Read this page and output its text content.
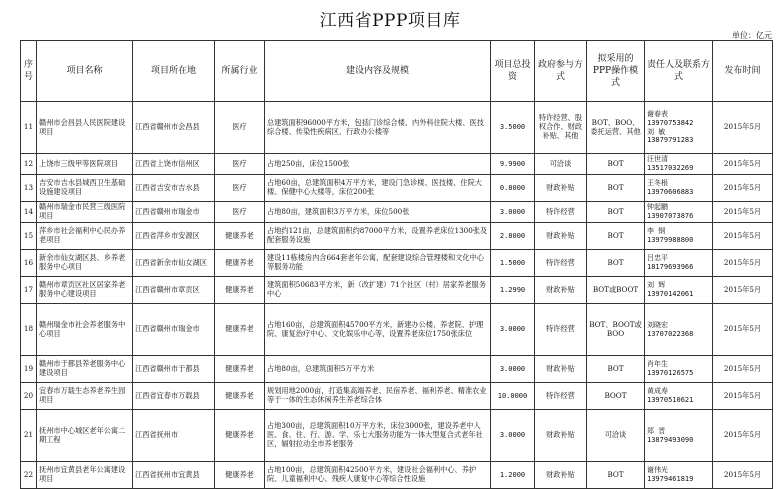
江西省PPP项目库
单位：亿元
序号	项目名称	项目所在地	所属行业	建设内容及规模	项目总投资	政府参与方式	拟采用的PPP操作模式	责任人及联系方式	发布时间
11	赣州市会昌县人民医院建设项目	江西省赣州市会昌县	医疗	总建筑面积96000平方米，包括门诊综合楼、内外科住院大楼、医技综合楼、传染性疾病区、行政办公楼等	3.5000	特许经营、股权合作、财政补贴、其他	BOT、BOO、委托运营、其他	谢春表
13970753842
刘 敏
13879791283	2015年5月
12	上饶市三级甲等医院项目	江西省上饶市信州区	医疗	占地250亩，床位1500张	9.9900	可洽谈	BOT	汪世清
13517032269	2015年5月
13	吉安市吉水县城西卫生基础设施建设项目	江西省吉安市吉水县	医疗	占地60亩，总建筑面积4万平方米，建设门急诊楼、医技楼、住院大楼、保健中心大楼等，床位200张	0.8000	财政补贴	BOT	王冬根
13970606883	2015年5月
14	赣州市瑞金市民营三级医院项目	江西省赣州市瑞金市	医疗	占地80亩，建筑面积3万平方米，床位500张	3.0000	特许经营	BOT	钟起鹏
13907073876	2015年5月
15	萍乡市社会福利中心民办养老项目	江西省萍乡市安源区	健康养老	占地约121亩，总建筑面积约87000平方米，设置养老床位1300张及配套服务设施	2.8000	财政补贴	BOT	李 钢
13979988800	2015年5月
16	新余市仙女湖区县、乡养老服务中心项目	江西省新余市仙女湖区	健康养老	建设11栋楼房内含664套老年公寓，配套建设综合管理楼和文化中心等服务功能	1.5000	特许经营	BOT	吕忠平
18179693966	2015年5月
17	赣州市章贡区社区居家养老服务中心建设项目	江西省赣州市章贡区	健康养老	建筑面积50683平方米，新（改扩建）71个社区（村）居家养老服务中心	1.2990	财政补贴	BOT或BOOT	刘 辉
13970142061	2015年5月
18	赣州瑞金市社会养老服务中心项目	江西省赣州市瑞金市	健康养老	占地160亩，总建筑面积45700平方米，新建办公楼、养老院、护理院、康复治疗中心、文化娱乐中心等，设置养老床位1750张床位	3.0000	特许经营	BOT、BOOT或BOO	刘晓宏
13707022368	2015年5月
19	赣州市于都县养老服务中心建设项目	江西省赣州市于都县	健康养老	占地80亩，总建筑面积5万平方米	3.0000	财政补贴	BOT	肖年生
13970126575	2015年5月
20	宜春市万载生态养老养生园项目	江西省宜春市万载县	健康养老	规划用地2000亩，打造集高端养老、民宿养老、福利养老、精准农业等于一体的生态休闲养生养老综合体	10.0000	特许经营	BOOT	黄成寿
13970510621	2015年5月
21	抚州市中心城区老年公寓二期工程	江西省抚州市	健康养老	占地300亩，总建筑面积10万平方米，床位3000张，建设养老中人医、食、住、行、游、学、乐七大服务功能为一体大型复合式老年社区，辐射拉动全市养老服务	3.0000	财政补贴	可洽谈	郑 晋
13879493090	2015年5月
22	抚州市宜黄县老年公寓建设项目	江西省抚州市宜黄县	健康养老	占地100亩，总建筑面积42500平方米，建设社会福利中心、养护院、儿童福利中心、残疾人康复中心等综合性设施	1.2000	财政补贴	BOT	谢伟光
13979461819	2015年5月
